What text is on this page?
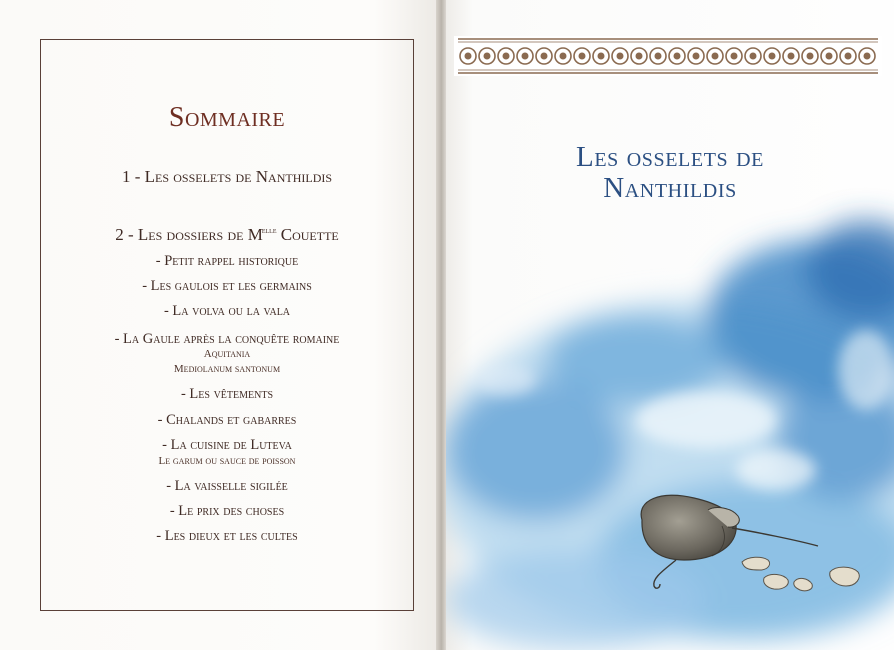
Sommaire
1 - Les osselets de Nanthildis
2 - Les dossiers de $M^{elle}$ Couette
- Petit rappel historique
- Les gaulois et les germains
- La volva ou la vala
- La Gaule après la conquête romaine
Aquitania
Mediolanum santonum
- Les vêtements
- Chalands et gabarres
- La cuisine de Luteva
Le garum ou sauce de poisson
- La vaisselle sigilée
- Le prix des choses
- Les dieux et les cultes
Les osselets de
Nanthildis
